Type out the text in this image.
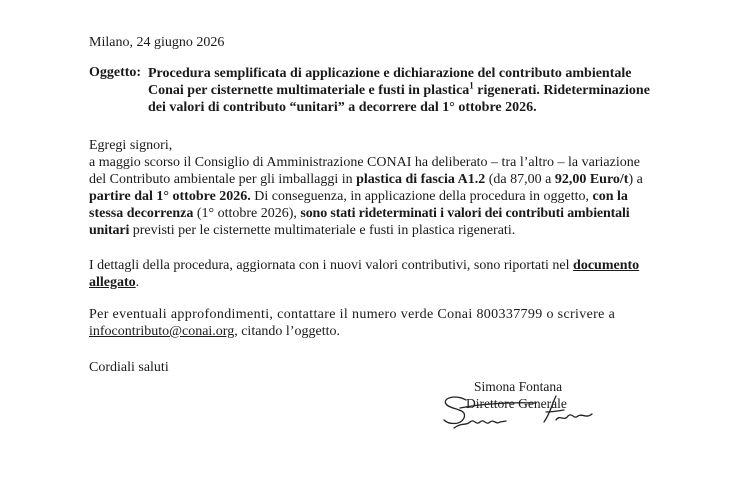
Milano, 24 giugno 2026
Oggetto: Procedura semplificata di applicazione e dichiarazione del contributo ambientale
Conai per cisternette multimateriale e fusti in plastica$^1$ rigenerati. Rideterminazione
dei valori di contributo “unitari” a decorrere dal 1° ottobre 2026.
Egregi signori,
a maggio scorso il Consiglio di Amministrazione CONAI ha deliberato – tra l’altro – la variazione
del Contributo ambientale per gli imballaggi in plastica di fascia A1.2 (da 87,00 a 92,00 Euro/t) a
partire dal 1° ottobre 2026. Di conseguenza, in applicazione della procedura in oggetto, con la
stessa decorrenza (1° ottobre 2026), sono stati rideterminati i valori dei contributi ambientali
unitari previsti per le cisternette multimateriale e fusti in plastica rigenerati.
I dettagli della procedura, aggiornata con i nuovi valori contributivi, sono riportati nel documento
allegato.
Per eventuali approfondimenti, contattare il numero verde Conai 800337799 o scrivere a
infocontributo@conai.org, citando l’oggetto.
Cordiali saluti
Simona Fontana
Direttore Generale
